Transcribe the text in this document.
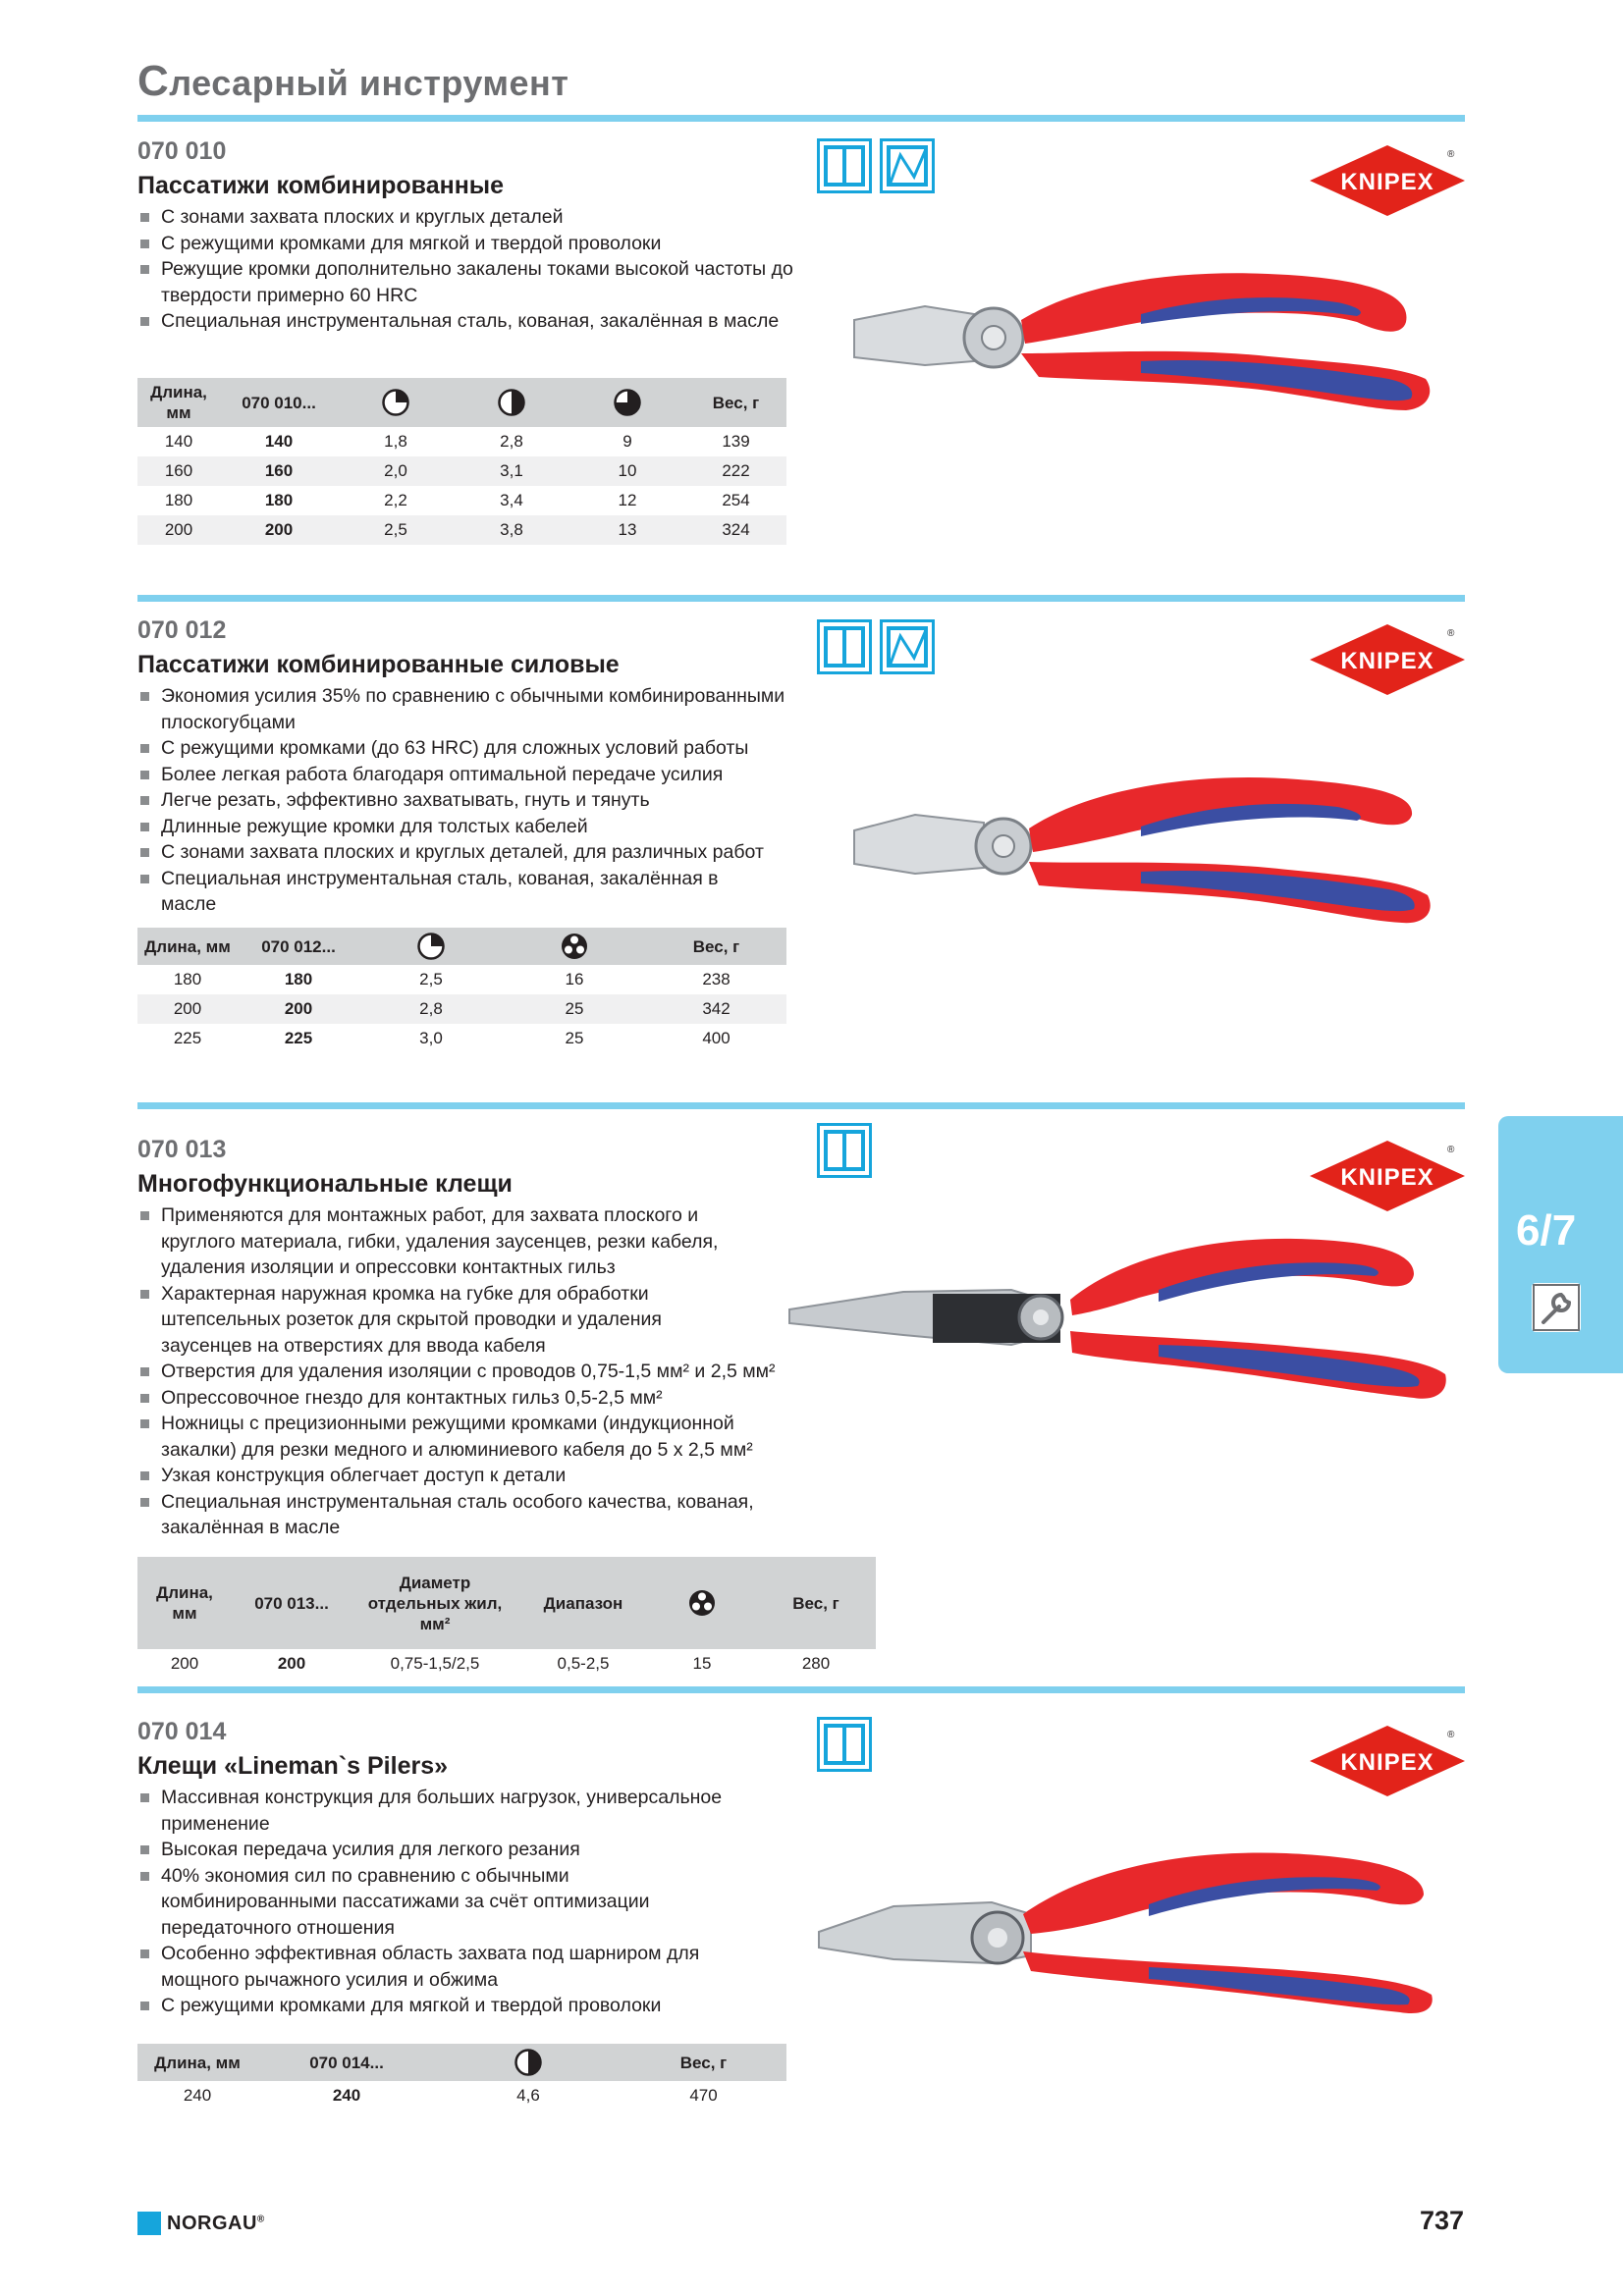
Слесарный инструмент
070 010
Пассатижи комбинированные
С зонами захвата плоских и круглых деталей
С режущими кромками для мягкой и твердой проволоки
Режущие кромки дополнительно закалены токами высокой частоты до твердости примерно 60 HRC
Специальная инструментальная сталь, кованая, закалённая в масле
Длина, мм	070 010...				Вес, г
140	140	1,8	2,8	9	139
160	160	2,0	3,1	10	222
180	180	2,2	3,4	12	254
200	200	2,5	3,8	13	324
070 012
Пассатижи комбинированные силовые
Экономия усилия 35% по сравнению с обычными комбинированными плоскогубцами
С режущими кромками (до 63 HRC) для сложных условий работы
Более легкая работа благодаря оптимальной передаче усилия
Легче резать, эффективно захватывать, гнуть и тянуть
Длинные режущие кромки для толстых кабелей
С зонами захвата плоских и круглых деталей, для различных работ
Специальная инструментальная сталь, кованая, закалённая в масле
Длина, мм	070 012...			Вес, г
180	180	2,5	16	238
200	200	2,8	25	342
225	225	3,0	25	400
070 013
Многофункциональные клещи
Применяются для монтажных работ, для захвата плоского и круглого материала, гибки, удаления заусенцев, резки кабеля, удаления изоляции и опрессовки контактных гильз
Характерная наружная кромка на губке для обработки штепсельных розеток для скрытой проводки и удаления заусенцев на отверстиях для ввода кабеля
Отверстия для удаления изоляции с проводов 0,75-1,5 мм² и 2,5 мм²
Опрессовочное гнездо для контактных гильз 0,5-2,5 мм²
Ножницы с прецизионными режущими кромками (индукционной закалки) для резки медного и алюминиевого кабеля до 5 х 2,5 мм²
Узкая конструкция облегчает доступ к детали
Специальная инструментальная сталь особого качества, кованая, закалённая в масле
Длина, мм	070 013...	Диаметр отдельных жил, мм²	Диапазон		Вес, г
200	200	0,75-1,5/2,5	0,5-2,5	15	280
070 014
Клещи «Lineman`s Pilers»
Массивная конструкция для больших нагрузок, универсальное применение
Высокая передача усилия для легкого резания
40% экономия сил по сравнению с обычными комбинированными пассатижами за счёт оптимизации передаточного отношения
Особенно эффективная область захвата под шарниром для мощного рычажного усилия и обжима
С режущими кромками для мягкой и твердой проволоки
Длина, мм	070 014...		Вес, г
240	240	4,6	470
KNIPEX
®
KNIPEX
®
KNIPEX
®
KNIPEX
®
6/7
NORGAU®	737
